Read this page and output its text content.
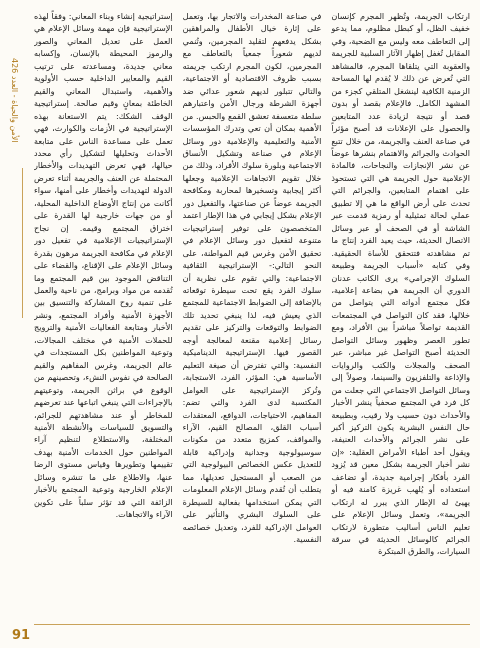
الأمن والحياة - العدد 426

ارتكاب الجريمة، وتُظهر المجرم كإنسان خفيف الظل، أو كبطل مظلوم، مما يدعو إلى التعاطف معه وليس مع الضحية، وفي المقابل تُغفل إظهار الآثار السلبية للجريمة والعقوبة التي يتلقاها المجرم، فالمشاهد التي تُعرض عن ذلك لا يُقدم لها المساحة الزمنية الكافية لينشغل المتلقي كجزء من المشهد الكامل. فالإعلام بقصد أو بدون قصد أو نتيجة لزيادة عدد المتابعين والحصول على الإعلانات قد أصبح مؤثراً في صناعة العنف والجريمة، من خلال تتبع الحوادث والجرائم والاهتمام بنشرها عوضاً عن نشر الإنجازات والنجاحات، فالمادة الإعلامية حول الجريمة هي التي تستحوذ على اهتمام المتابعين، والجرائم التي تحدث على أرض الواقع ما هي إلا تطبيق عملي لحالة تمثيلية أو رمزية قدمت عبر الشاشة أو في الصحف أو عبر وسائل الاتصال الحديثة، حيث يعيد الفرد إنتاج ما تم مشاهدته فتتحقق للأساة الحقيقية. وفي كتابه «أسباب الجريمة وطبيعة السلوك الإجرامي» يرى الكاتب عدنان الدوري أن الجريمة هي بضاعة إعلامية، فكل مجتمع أدواته التي يتواصل من خلالها، فقد كان التواصل في المجتمعات القديمة تواصلاً مباشراً بين الأفراد، ومع تطور العصر وظهور وسائل التواصل الحديثة أصبح التواصل غير مباشر، عبر الصحف والمجلات والكتب والروايات والإذاعة والتلفزيون والسينما، وصولاً إلى وسائل التواصل الاجتماعي التي جعلت من كل فرد في المجتمع صحفياً ينشر الأخبار والأحداث دون حسيب ولا رقيب، وبطبيعة حال النفس البشرية يكون التركيز أكبر على نشر الجرائم والأحداث العنيفة، ويقول أحد أطباء الأمراض العقلية: «إن نشر أخبار الجريمة بشكل معين قد يُزود الفرد بأفكار إجرامية جديدة، أو تضاعف استعداده أو يُلهب غريزة كامنة فيه أو يهيئ له الإطار الذي يبرر له ارتكاب الجريمة»، وتعمل وسائل الإعلام على تعليم الناس أساليب متطورة لارتكاب الجرائم كالوسائل الحديثة في سرقة السيارات، والطرق المبتكرة

في صناعة المخدرات والاتجار بها، وتعمل على إثارة خيال الأطفال والمراهقين بشكل يدفعهم لتقليد المجرمين، وتُنمي لديهم شعوراً جمعياً بالتعاطف مع المجرمين، لكون المجرم ارتكب جريمته بسبب ظروف الاقتصادية أو الاجتماعية، والتالي تتبلور لديهم شعور عدائي ضد أجهزة الشرطة ورجال الأمن واعتبارهم سلطة متعسفة تعشق القمع والحبس. من الأهمية بمكان أن تعي وتدرك المؤسسات الأمنية والتعليمية والإعلامية دور وسائل الإعلام في صناعة وتشكيل الأنساق الاجتماعية وبلورة سلوك الأفراد، وذلك من خلال تقويم الاتجاهات الإعلامية وجعلها أكثر إيجابية وتسخيرها لمحاربة ومكافحة الجريمة عوضاً عن صناعتها، والتفعيل دور الإعلام بشكل إيجابي في هذا الإطار اعتمد المتخصصون على توفير إستراتيجيات متنوعة لتفعيل دور وسائل الإعلام في تحقيق الأمن وغرس قيم المواطنة، على النحو التالي:- الإستراتيجية الثقافية الاجتماعية: والتي تقوم على نظرية أن سلوك الفرد يقع تحت سيطرة توقعاته بالإضافة إلى الضوابط الاجتماعية للمجتمع الذي يعيش فيه، لذا ينبغي تحديد تلك الضوابط والتوقعات والتركيز على تقديم رسائل إعلامية مقنعة لمعالجة أوجه القصور فيها. الإستراتيجية الديناميكية النفسية: والتي تفترض أن صيغة التعليم الأساسية هي: المؤثر، الفرد، الاستجابة، وتُركز الإستراتيجية على العوامل المكتسبة لدى الفرد والتي تضم: المفاهيم، الاحتياجات، الدوافع، المعتقدات أسباب القلق، المصالح القيم، الآراء والمواقف، كمزيج متعدد من مكونات سوسيولوجية وجدانية وإدراكية قابلة للتعديل عكس الخصائص البيولوجية التي من الصعب أو المستحيل تعديلها، مما يتطلب أن تُقدم وسائل الإعلام المعلومات التي يمكن استخدامها بفعالية للسيطرة على السلوك البشري والتأثير على العوامل الإدراكية للفرد، وتعديل خصائصه النفسية.

إستراتيجية إنشاء وبناء المعاني: وفقاً لهذه الإستراتيجية فإن مهمة وسائل الإعلام هي العمل على تعديل المعاني والصور والرموز المحيطة بالإنسان، وإكسابه معاني جديدة، ومساعدته على ترتيب القيم والمعايير الداخلية حسب الأولوية والأهمية، واستبدال المعاني والقيم الخاطئة بمعانٍ وقيم صالحة. إستراتيجية الوقف الشكك: يتم الاستعانة بهذه الإستراتيجية في الأزمات والكوارث، فهي تعمل على مساعدة الناس على متابعة الأحداث وتحليلها لتشكيل رأي محدد حيالها، فهي تعرض التهديدات والأخطار المحتملة عن العنف والجريمة أثناء تعرض الدولة لتهديدات وأخطار على أمنها، سواء أكانت من إنتاج الأوضاع الداخلية المحلية، أو من جهات خارجية لها القدرة على اختراق المجتمع وقيمه. إن نجاح الإستراتيجيات الإعلامية في تفعيل دور الإعلام في مكافحة الجريمة مرهون بقدرة وسائل الإعلام على الإقناع، والقضاء على التناقض الموجود بين قيم المجتمع وما تُقدمه من مواد وبرامج، من ناحية والعمل على تنمية روح المشاركة والتنسيق بين الأجهزة الأمنية وأفراد المجتمع، ونشر الأخبار ومتابعة الفعاليات الأمنية والترويج للحملات الأمنية في مختلف المجالات، وتوعية المواطنين بكل المستجدات في عالم الجريمة، وغرس المفاهيم والقيم الصالحة في نفوس النشء، وتحصينهم من الوقوع في براثن الجريمة، وتوعيتهم بالإجراءات التي ينبغي اتباعها عند تعرضهم للمخاطر أو عند مشاهدتهم للجرائم، والتسويق للسياسات والأنشطة الأمنية المختلفة، والاستطلاع لتنظيم آراء المواطنين حول الخدمات الأمنية بهدف تقييمها وتطويرها وقياس مستوى الرضا عنها، والاطلاع على ما تنشره وسائل الإعلام الخارجية وتوعية المجتمع بالأخبار الزائفة التي قد تؤثر سلباً على تكوين الآراء والاتجاهات.

91
